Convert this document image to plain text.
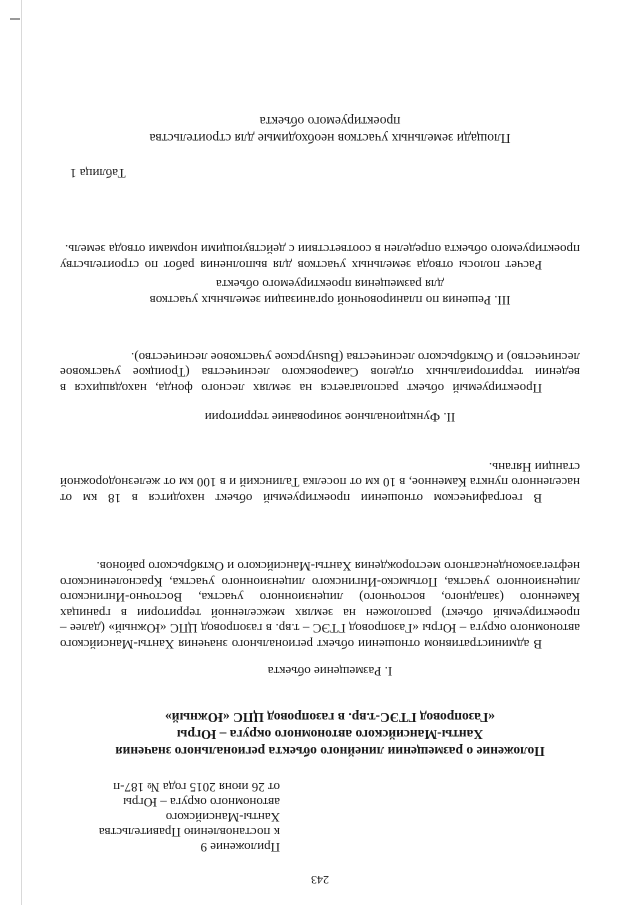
243
Приложение 9
к постановлению Правительства
Ханты-Мансийского
автономного округа – Югры
от 26 июня 2015 года № 187-п
Положение о размещении линейного объекта регионального значения
Ханты-Мансийского автономного округа – Югры
«Газопровод ГТЭС-т.вр. в газопровод ЦПС «Южный»
I. Размещение объекта
В административном отношении объект регионального значения Ханты-Мансийского автономного округа – Югры «Газопровод ГТЭС – т.вр. в газопровод ЦПС «Южный» (далее – проектируемый объект) расположен на землях межселенной территории в границах Каменного (западного, восточного) лицензионного участка, Восточно-Ингинского лицензионного участка, Потымско-Ингинского лицензионного участка, Красноленинского нефтегазоконденсатного месторождения Ханты-Мансийского и Октябрьского районов.
В географическом отношении проектируемый объект находится в 18 км от населенного пункта Каменное, в 10 км от поселка Талинский и в 100 км от железнодорожной станции Нягань.
II. Функциональное зонирование территории
Проектируемый объект располагается на землях лесного фонда, находящихся в ведении территориальных отделов Самаровского лесничества (Троицкое участковое лесничество) и Октябрьского лесничества (Busнурское участковое лесничество).
III. Решения по планировочной организации земельных участков
для размещения проектируемого объекта
Расчет полосы отвода земельных участков для выполнения работ по строительству проектируемого объекта определен в соответствии с действующими нормами отвода земель.
Таблица 1
Площади земельных участков необходимые для строительства
проектируемого объекта
